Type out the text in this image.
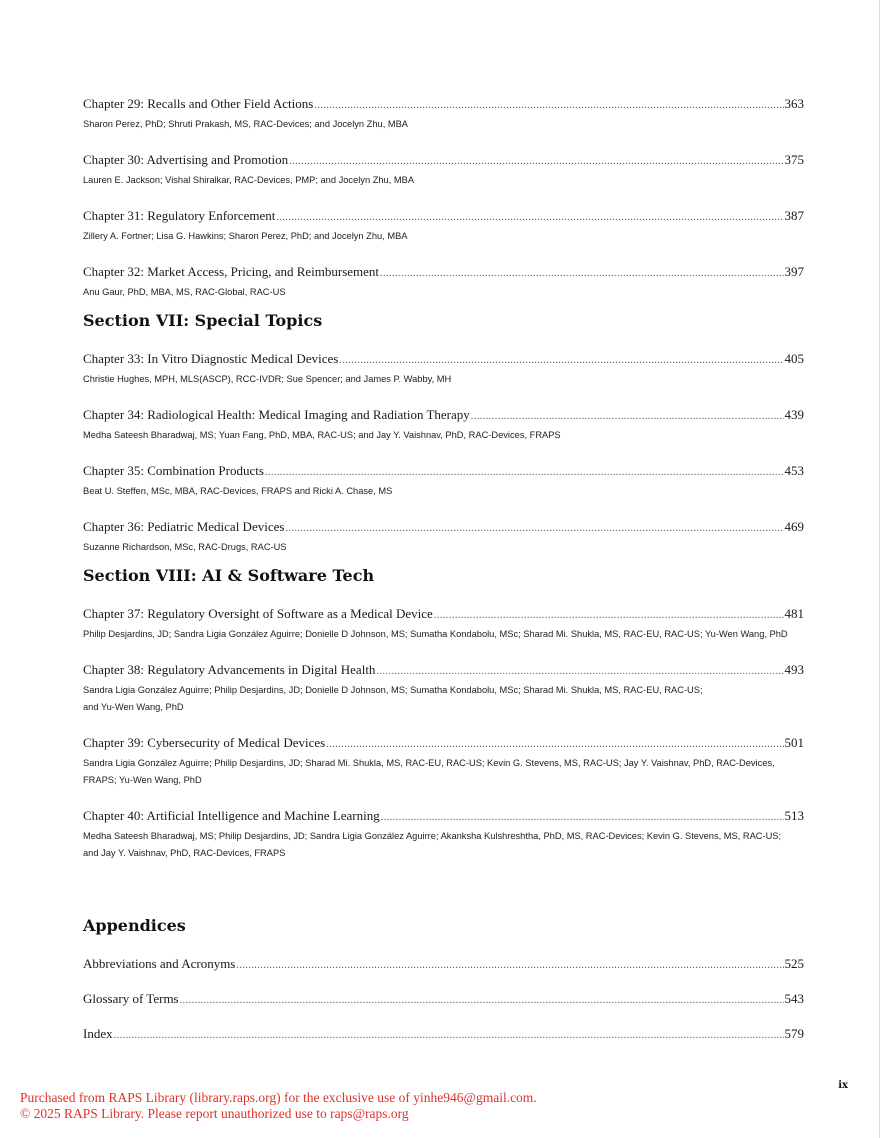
Chapter 29: Recalls and Other Field Actions .....	363
Sharon Perez, PhD; Shruti Prakash, MS, RAC-Devices; and Jocelyn Zhu, MBA
Chapter 30: Advertising and Promotion .....	375
Lauren E. Jackson; Vishal Shiralkar, RAC-Devices, PMP; and Jocelyn Zhu, MBA
Chapter 31: Regulatory Enforcement .....	387
Zillery A. Fortner; Lisa G. Hawkins; Sharon Perez, PhD; and Jocelyn Zhu, MBA
Chapter 32: Market Access, Pricing, and Reimbursement .....	397
Anu Gaur, PhD, MBA, MS, RAC-Global, RAC-US
Section VII: Special Topics
Chapter 33: In Vitro Diagnostic Medical Devices .....	405
Christie Hughes, MPH, MLS(ASCP), RCC-IVDR; Sue Spencer; and James P. Wabby, MH
Chapter 34: Radiological Health: Medical Imaging and Radiation Therapy .....	439
Medha Sateesh Bharadwaj, MS; Yuan Fang, PhD, MBA, RAC-US; and Jay Y. Vaishnav, PhD, RAC-Devices, FRAPS
Chapter 35: Combination Products .....	453
Beat U. Steffen, MSc, MBA, RAC-Devices, FRAPS and Ricki A. Chase, MS
Chapter 36: Pediatric Medical Devices .....	469
Suzanne Richardson, MSc, RAC-Drugs, RAC-US
Section VIII: AI & Software Tech
Chapter 37: Regulatory Oversight of Software as a Medical Device .....	481
Philip Desjardins, JD; Sandra Ligia González Aguirre; Donielle D Johnson, MS; Sumatha Kondabolu, MSc; Sharad Mi. Shukla, MS, RAC-EU, RAC-US; Yu-Wen Wang, PhD
Chapter 38: Regulatory Advancements in Digital Health .....	493
Sandra Ligia González Aguirre; Philip Desjardins, JD; Donielle D Johnson, MS; Sumatha Kondabolu, MSc; Sharad Mi. Shukla, MS, RAC-EU, RAC-US;
and Yu-Wen Wang, PhD
Chapter 39: Cybersecurity of Medical Devices .....	501
Sandra Ligia González Aguirre; Philip Desjardins, JD; Sharad Mi. Shukla, MS, RAC-EU, RAC-US; Kevin G. Stevens, MS, RAC-US; Jay Y. Vaishnav, PhD, RAC-Devices,
FRAPS; Yu-Wen Wang, PhD
Chapter 40: Artificial Intelligence and Machine Learning .....	513
Medha Sateesh Bharadwaj, MS; Philip Desjardins, JD; Sandra Ligia González Aguirre; Akanksha Kulshreshtha, PhD, MS, RAC-Devices; Kevin G. Stevens, MS, RAC-US;
and Jay Y. Vaishnav, PhD, RAC-Devices, FRAPS
Appendices
Abbreviations and Acronyms .....	525
Glossary of Terms .....	543
Index .....	579
ix
Purchased from RAPS Library (library.raps.org) for the exclusive use of yinhe946@gmail.com.
© 2025 RAPS Library. Please report unauthorized use to raps@raps.org
